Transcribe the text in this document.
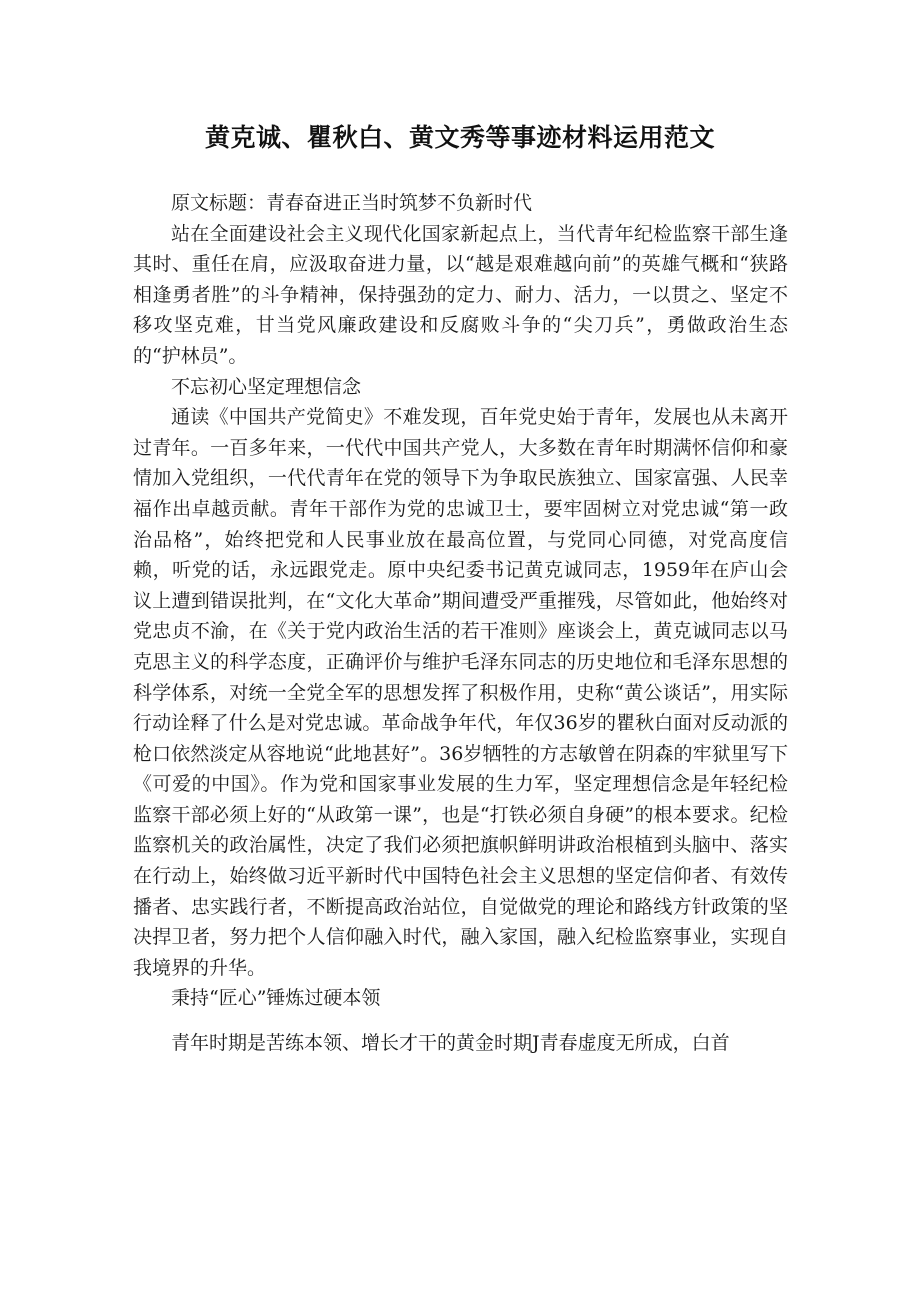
黄克诚、瞿秋白、黄文秀等事迹材料运用范文

原文标题：青春奋进正当时筑梦不负新时代

站在全面建设社会主义现代化国家新起点上，当代青年纪检监察干部生逢其时、重任在肩，应汲取奋进力量，以“越是艰难越向前”的英雄气概和“狭路相逢勇者胜”的斗争精神，保持强劲的定力、耐力、活力，一以贯之、坚定不移攻坚克难，甘当党风廉政建设和反腐败斗争的“尖刀兵”，勇做政治生态的“护林员”。

不忘初心坚定理想信念

通读《中国共产党简史》不难发现，百年党史始于青年，发展也从未离开过青年。一百多年来，一代代中国共产党人，大多数在青年时期满怀信仰和豪情加入党组织，一代代青年在党的领导下为争取民族独立、国家富强、人民幸福作出卓越贡献。青年干部作为党的忠诚卫士，要牢固树立对党忠诚“第一政治品格”，始终把党和人民事业放在最高位置，与党同心同德，对党高度信赖，听党的话，永远跟党走。原中央纪委书记黄克诚同志，1959年在庐山会议上遭到错误批判，在“文化大革命”期间遭受严重摧残，尽管如此，他始终对党忠贞不渝，在《关于党内政治生活的若干准则》座谈会上，黄克诚同志以马克思主义的科学态度，正确评价与维护毛泽东同志的历史地位和毛泽东思想的科学体系，对统一全党全军的思想发挥了积极作用，史称“黄公谈话”，用实际行动诠释了什么是对党忠诚。革命战争年代，年仅36岁的瞿秋白面对反动派的枪口依然淡定从容地说“此地甚好”。36岁牺牲的方志敏曾在阴森的牢狱里写下《可爱的中国》。作为党和国家事业发展的生力军，坚定理想信念是年轻纪检监察干部必须上好的“从政第一课”，也是“打铁必须自身硬”的根本要求。纪检监察机关的政治属性，决定了我们必须把旗帜鲜明讲政治根植到头脑中、落实在行动上，始终做习近平新时代中国特色社会主义思想的坚定信仰者、有效传播者、忠实践行者，不断提高政治站位，自觉做党的理论和路线方针政策的坚决捍卫者，努力把个人信仰融入时代，融入家国，融入纪检监察事业，实现自我境界的升华。

秉持“匠心”锤炼过硬本领

青年时期是苦练本领、增长才干的黄金时期J青春虚度无所成，白首
